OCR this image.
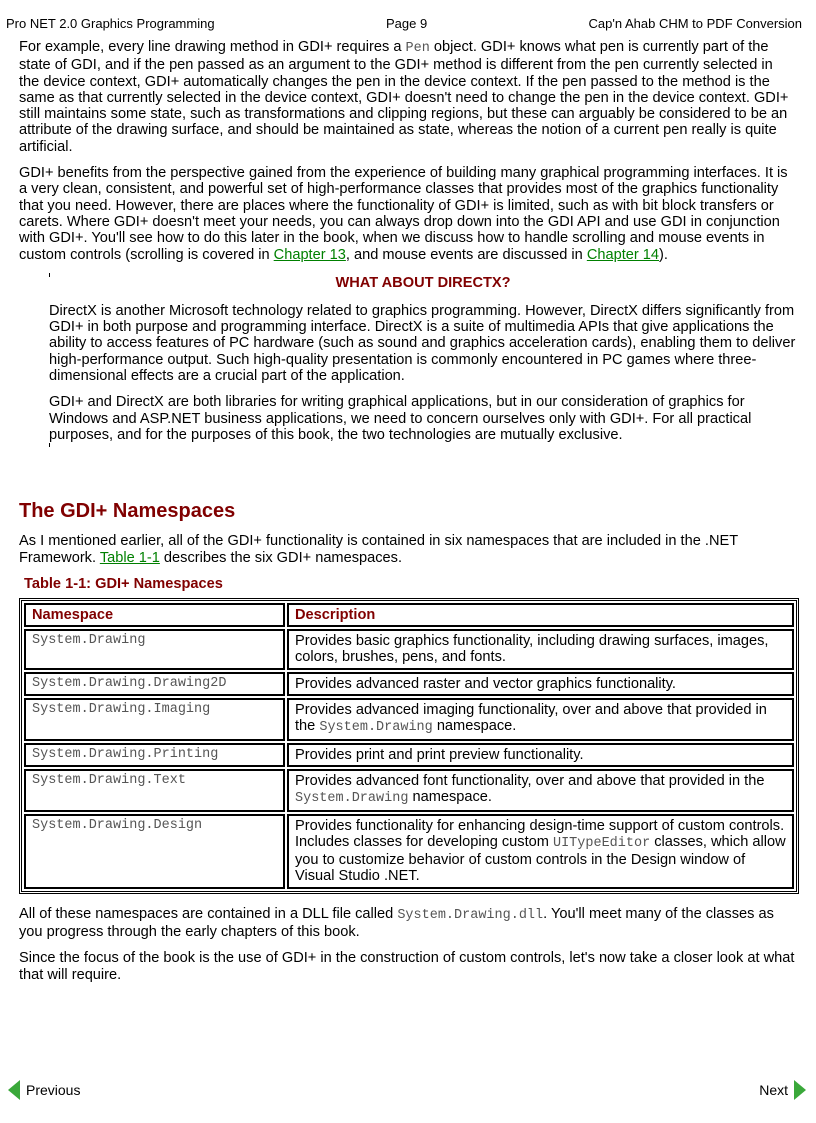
Pro NET 2.0 Graphics Programming	Page 9	Cap'n Ahab CHM to PDF Conversion

For example, every line drawing method in GDI+ requires a Pen object. GDI+ knows what pen is currently part of the state of GDI, and if the pen passed as an argument to the GDI+ method is different from the pen currently selected in the device context, GDI+ automatically changes the pen in the device context. If the pen passed to the method is the same as that currently selected in the device context, GDI+ doesn't need to change the pen in the device context. GDI+ still maintains some state, such as transformations and clipping regions, but these can arguably be considered to be an attribute of the drawing surface, and should be maintained as state, whereas the notion of a current pen really is quite artificial.

GDI+ benefits from the perspective gained from the experience of building many graphical programming interfaces. It is a very clean, consistent, and powerful set of high-performance classes that provides most of the graphics functionality that you need. However, there are places where the functionality of GDI+ is limited, such as with bit block transfers or carets. Where GDI+ doesn't meet your needs, you can always drop down into the GDI API and use GDI in conjunction with GDI+. You'll see how to do this later in the book, when we discuss how to handle scrolling and mouse events in custom controls (scrolling is covered in Chapter 13, and mouse events are discussed in Chapter 14).

WHAT ABOUT DIRECTX?

DirectX is another Microsoft technology related to graphics programming. However, DirectX differs significantly from GDI+ in both purpose and programming interface. DirectX is a suite of multimedia APIs that give applications the ability to access features of PC hardware (such as sound and graphics acceleration cards), enabling them to deliver high-performance output. Such high-quality presentation is commonly encountered in PC games where three-dimensional effects are a crucial part of the application.

GDI+ and DirectX are both libraries for writing graphical applications, but in our consideration of graphics for Windows and ASP.NET business applications, we need to concern ourselves only with GDI+. For all practical purposes, and for the purposes of this book, the two technologies are mutually exclusive.

The GDI+ Namespaces

As I mentioned earlier, all of the GDI+ functionality is contained in six namespaces that are included in the .NET Framework. Table 1-1 describes the six GDI+ namespaces.

Table 1-1: GDI+ Namespaces
Namespace	Description
System.Drawing	Provides basic graphics functionality, including drawing surfaces, images, colors, brushes, pens, and fonts.
System.Drawing.Drawing2D	Provides advanced raster and vector graphics functionality.
System.Drawing.Imaging	Provides advanced imaging functionality, over and above that provided in the System.Drawing namespace.
System.Drawing.Printing	Provides print and print preview functionality.
System.Drawing.Text	Provides advanced font functionality, over and above that provided in the System.Drawing namespace.
System.Drawing.Design	Provides functionality for enhancing design-time support of custom controls. Includes classes for developing custom UITypeEditor classes, which allow you to customize behavior of custom controls in the Design window of Visual Studio .NET.

All of these namespaces are contained in a DLL file called System.Drawing.dll. You'll meet many of the classes as you progress through the early chapters of this book.

Since the focus of the book is the use of GDI+ in the construction of custom controls, let's now take a closer look at what that will require.

Previous	Next
